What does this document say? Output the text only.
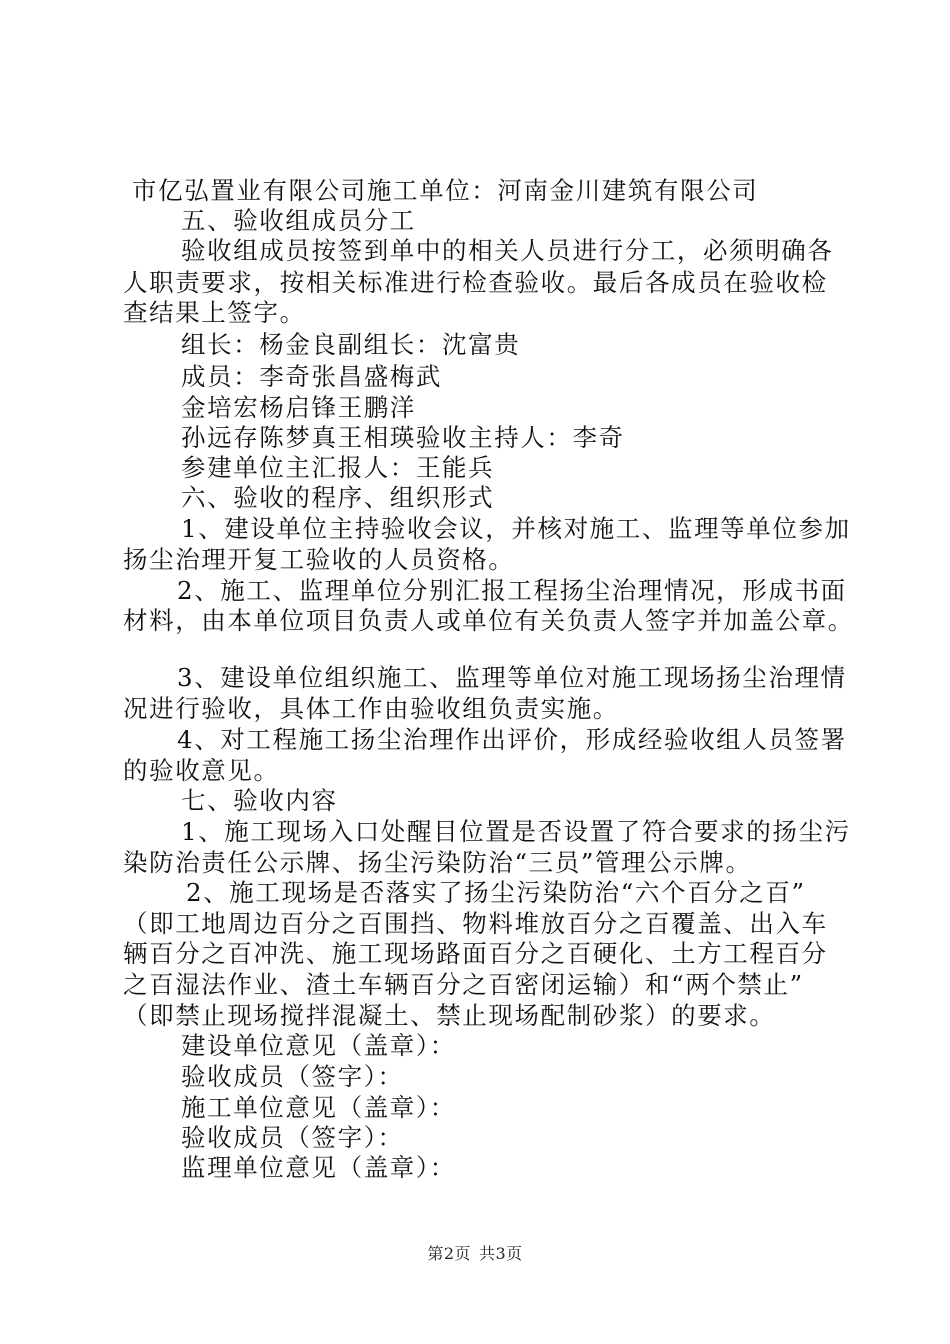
市亿弘置业有限公司施工单位：河南金川建筑有限公司
五、验收组成员分工
验收组成员按签到单中的相关人员进行分工，必须明确各
人职责要求，按相关标准进行检查验收。最后各成员在验收检
查结果上签字。
组长：杨金良副组长：沈富贵
成员：李奇张昌盛梅武
金培宏杨启锋王鹏洋
孙远存陈梦真王相瑛验收主持人：李奇
参建单位主汇报人：王能兵
六、验收的程序、组织形式
1、建设单位主持验收会议，并核对施工、监理等单位参加
扬尘治理开复工验收的人员资格。
2、施工、监理单位分别汇报工程扬尘治理情况，形成书面
材料，由本单位项目负责人或单位有关负责人签字并加盖公章。
3、建设单位组织施工、监理等单位对施工现场扬尘治理情
况进行验收，具体工作由验收组负责实施。
4、对工程施工扬尘治理作出评价，形成经验收组人员签署
的验收意见。
七、验收内容
1、施工现场入口处醒目位置是否设置了符合要求的扬尘污
染防治责任公示牌、扬尘污染防治“三员”管理公示牌。
2、施工现场是否落实了扬尘污染防治“六个百分之百”
（即工地周边百分之百围挡、物料堆放百分之百覆盖、出入车
辆百分之百冲洗、施工现场路面百分之百硬化、土方工程百分
之百湿法作业、渣土车辆百分之百密闭运输）和“两个禁止”
（即禁止现场搅拌混凝土、禁止现场配制砂浆）的要求。
建设单位意见（盖章）：
验收成员（签字）：
施工单位意见（盖章）：
验收成员（签字）：
监理单位意见（盖章）：
第2页 共3页
